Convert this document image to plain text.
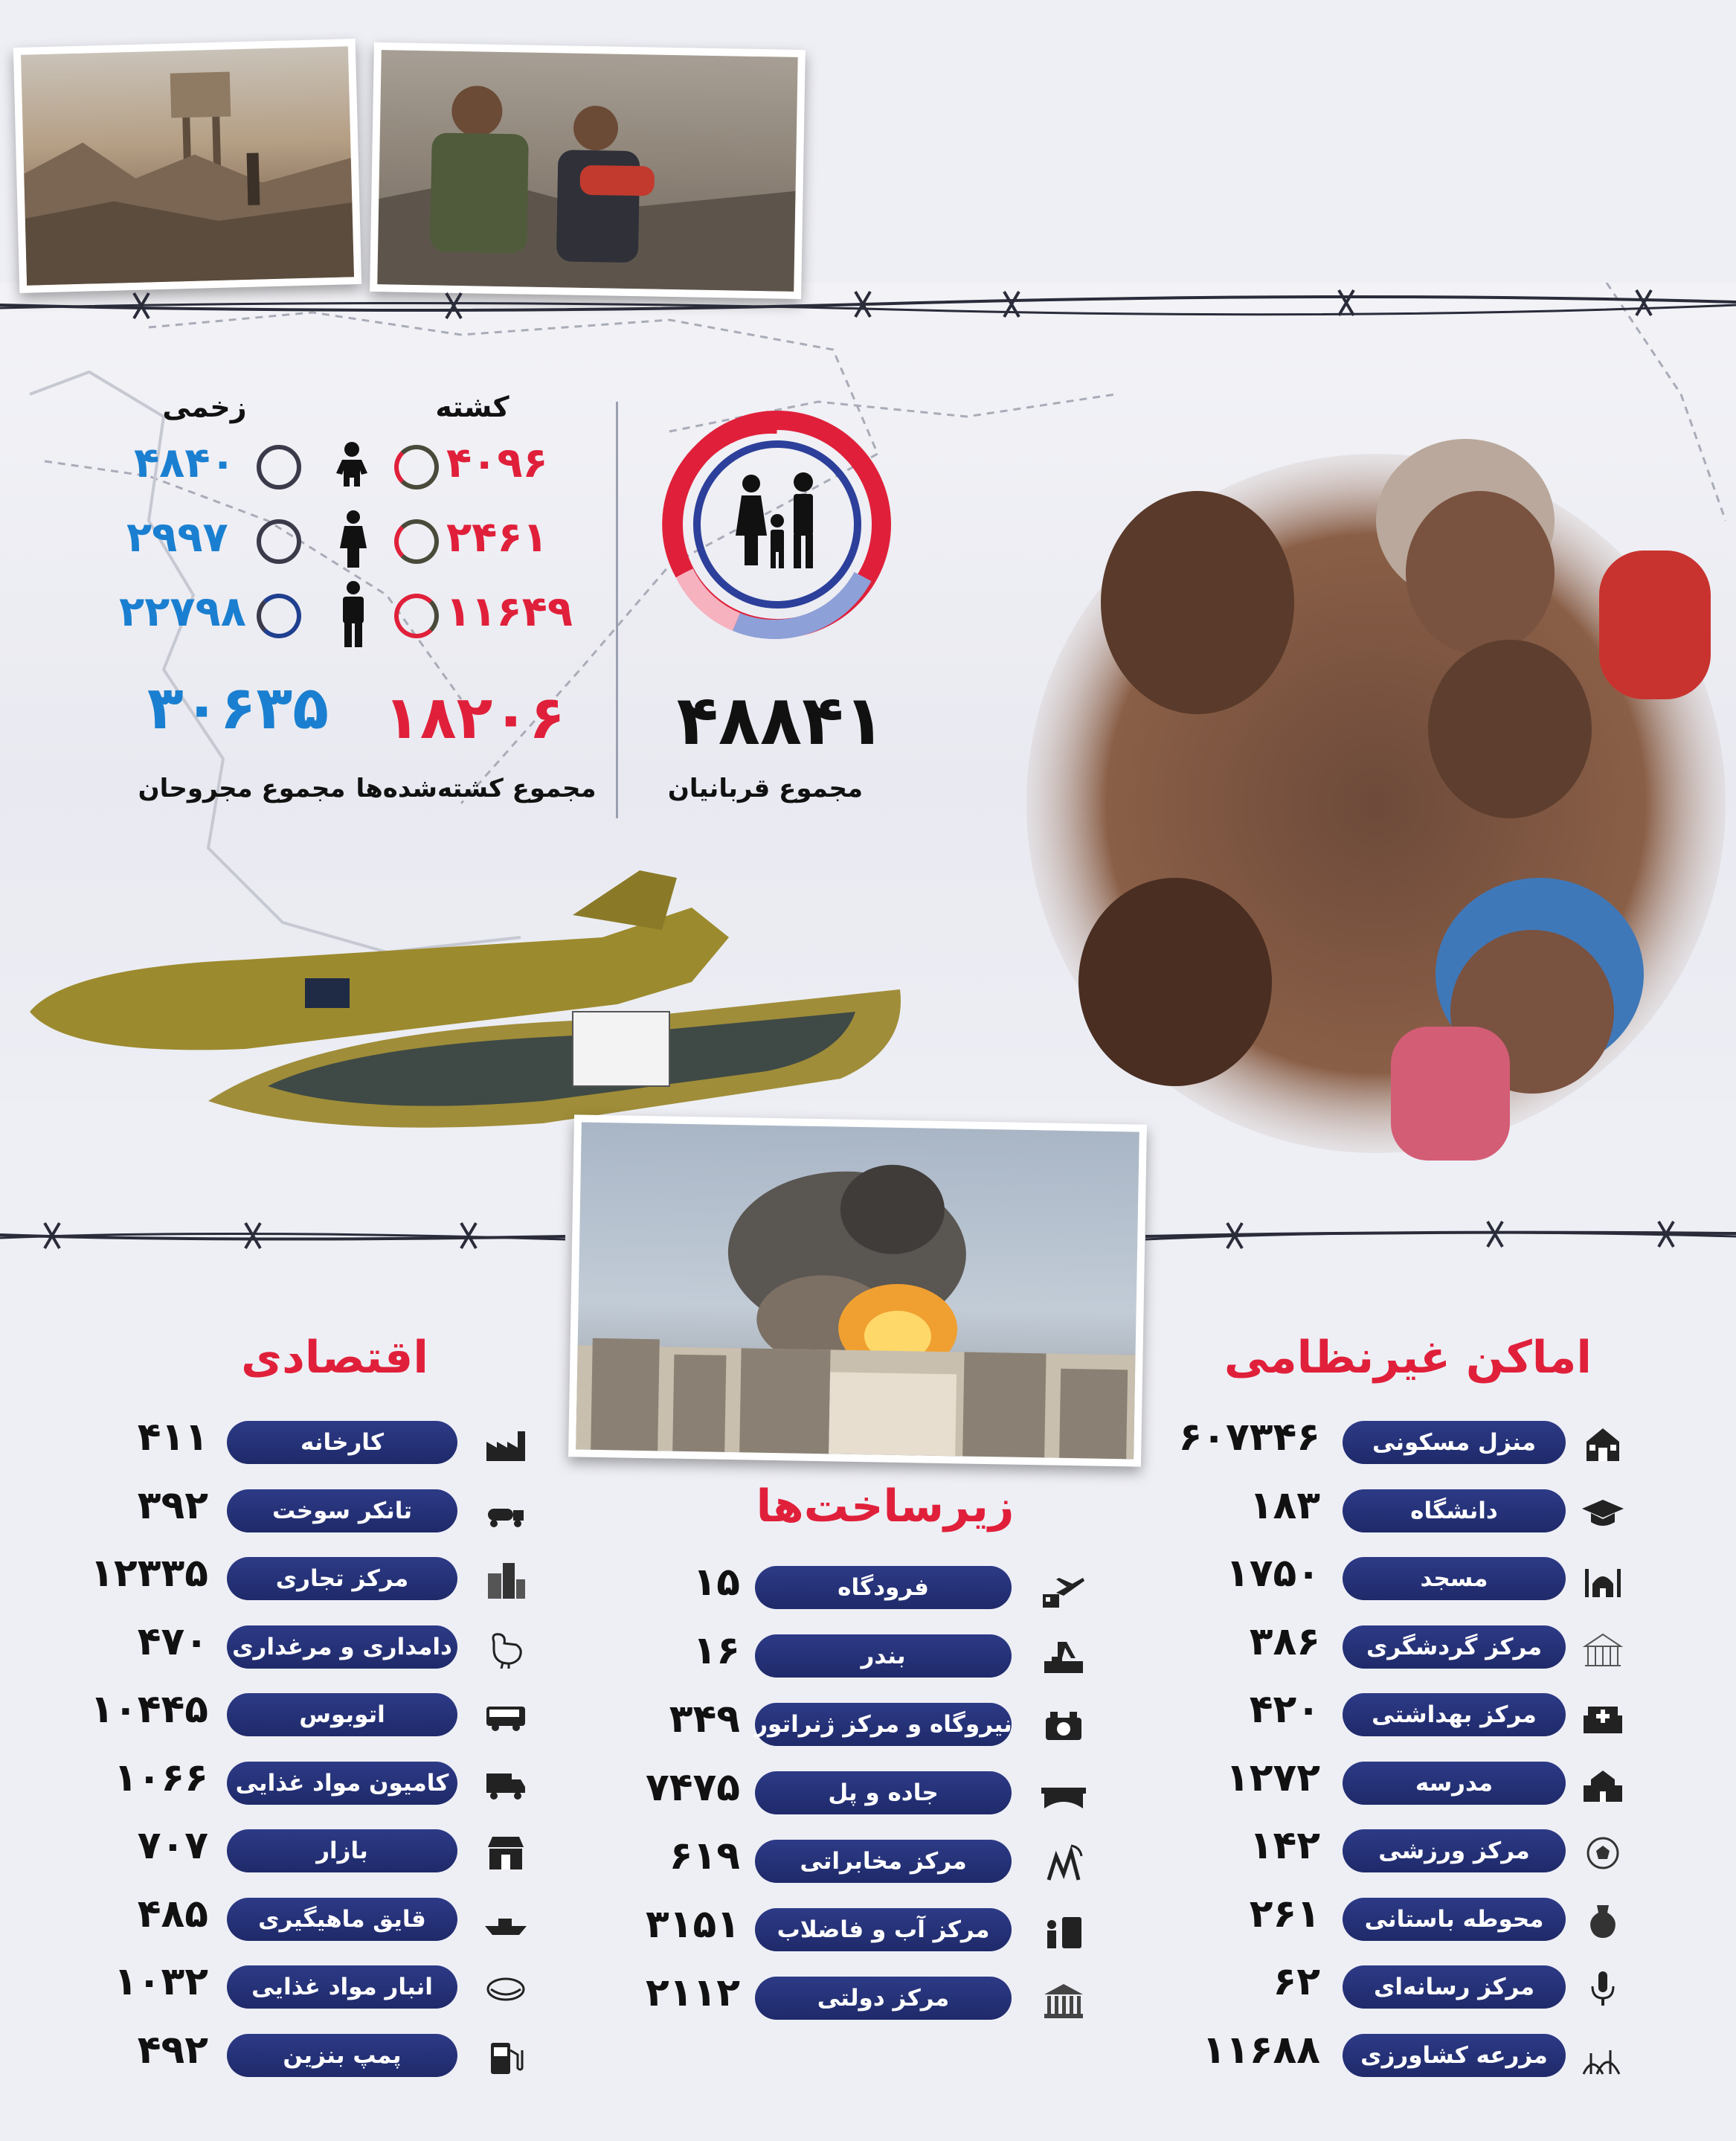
۴۸۸۴۱
مجموع قربانیان
کشته
زخمی
۴۰۹۶
۴۸۴۰
۲۴۶۱
۲۹۹۷
۱۱۶۴۹
۲۲۷۹۸
۱۸۲۰۶
۳۰۶۳۵
مجموع کشته‌شده‌ها
مجموع مجروحان
اماکن غیرنظامی
زیرساخت‌ها
اقتصادی
منزل مسکونی
۶۰۷۳۴۶
دانشگاه
۱۸۳
مسجد
۱۷۵۰
مرکز گردشگری
۳۸۶
مرکز بهداشتی
۴۲۰
مدرسه
۱۲۷۲
مرکز ورزشی
۱۴۲
محوطه باستانی
۲۶۱
مرکز رسانه‌ای
۶۲
مزرعه کشاورزی
۱۱۶۸۸
فرودگاه
۱۵
بندر
۱۶
نیروگاه و مرکز ژنراتور
۳۴۹
جاده و پل
۷۴۷۵
مرکز مخابراتی
۶۱۹
مرکز آب و فاضلاب
۳۱۵۱
مرکز دولتی
۲۱۱۲
کارخانه
۴۱۱
تانکر سوخت
۳۹۲
مرکز تجاری
۱۲۳۳۵
دامداری و مرغداری
۴۷۰
اتوبوس
۱۰۴۴۵
کامیون مواد غذایی
۱۰۶۶
بازار
۷۰۷
قایق ماهیگیری
۴۸۵
انبار مواد غذایی
۱۰۳۲
پمپ بنزین
۴۹۲
